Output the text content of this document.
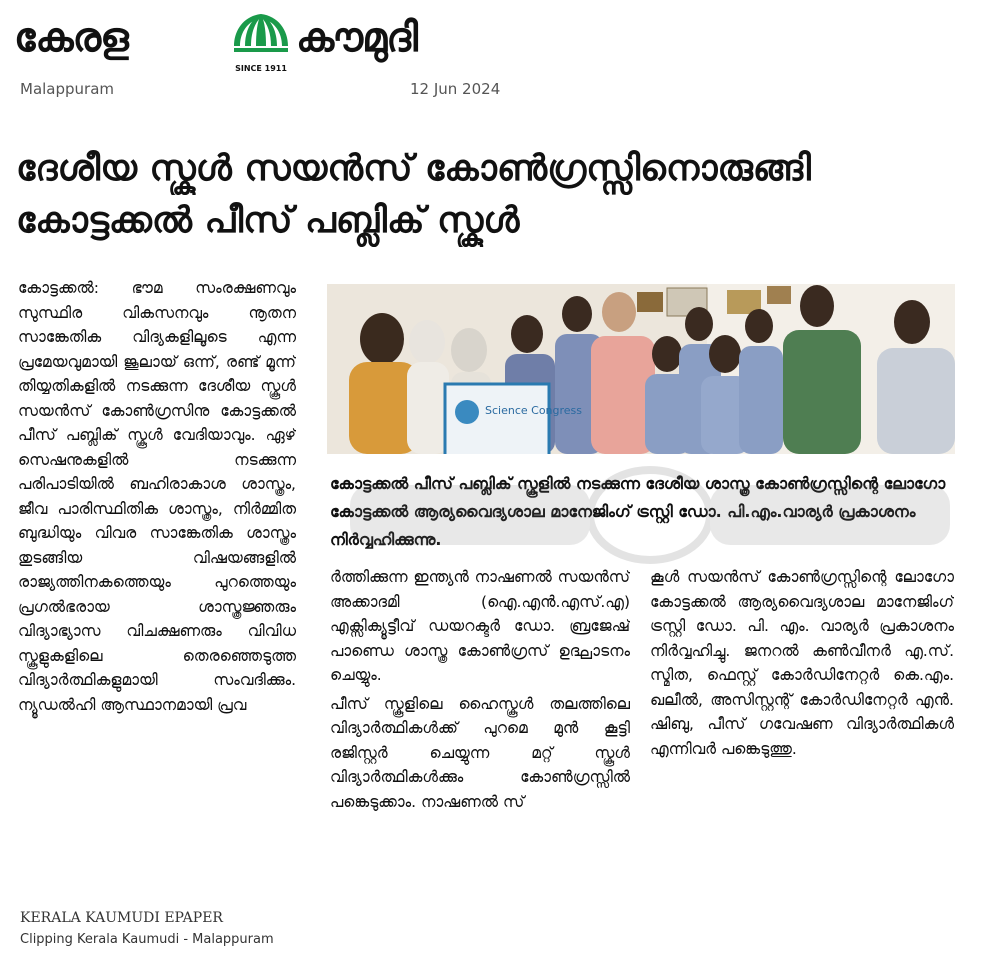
കേരള
SINCE 1911
കൗമുദി
Malappuram	12 Jun 2024
ദേശീയ സ്കൂൾ സയൻസ് കോൺഗ്രസ്സിനൊരുങ്ങി
കോട്ടക്കൽ പീസ് പബ്ലിക് സ്കൂൾ

കോട്ടക്കൽ: ഭൗമ സംരക്ഷണവും സുസ്ഥിര വികസനവും നൂതന സാങ്കേതിക വിദ്യകളിലൂടെ എന്ന പ്രമേയവുമായി ജൂലായ് ഒന്ന്, രണ്ട് മൂന്ന് തിയ്യതികളിൽ നടക്കുന്ന ദേശീയ സ്കൂൾ സയൻസ് കോൺഗ്രസിനു കോട്ടക്കൽ പീസ് പബ്ലിക് സ്കൂൾ വേദിയാവും. ഏഴ് സെഷനുകളിൽ നടക്കുന്ന പരിപാടിയിൽ ബഹിരാകാശ ശാസ്ത്രം, ജീവ പാരിസ്ഥിതിക ശാസ്ത്രം, നിർമ്മിത ബുദ്ധിയും വിവര സാങ്കേതിക ശാസ്ത്രം തുടങ്ങിയ വിഷയങ്ങളിൽ രാജ്യത്തിനകത്തെയും പുറത്തെയും പ്രഗൽഭരായ ശാസ്ത്രജ്ഞരും വിദ്യാഭ്യാസ വിചക്ഷണരും വിവിധ സ്കൂളുകളിലെ തെരഞ്ഞെടുത്ത വിദ്യാർത്ഥികളുമായി സംവദിക്കും. ന്യൂഡൽഹി ആസ്ഥാനമായി പ്രവ

Science Congress
കോട്ടക്കൽ പീസ് പബ്ലിക് സ്കൂളിൽ നടക്കുന്ന ദേശീയ ശാസ്ത്ര കോൺഗ്രസ്സിന്റെ ലോഗോ കോട്ടക്കൽ ആര്യവൈദ്യശാല മാനേജിംഗ് ട്രസ്റ്റി ഡോ. പി.എം.വാര്യർ പ്രകാശനം നിർവ്വഹിക്കുന്നു.

ർത്തിക്കുന്ന ഇന്ത്യൻ നാഷണൽ സയൻസ് അക്കാദമി (ഐ.എൻ.എസ്.എ) എക്സിക്യൂട്ടീവ് ഡയറക്ടർ ഡോ. ബ്രജേഷ് പാണ്ഡെ ശാസ്ത്ര കോൺഗ്രസ് ഉദ്ഘാടനം ചെയ്യും.

പീസ് സ്കൂളിലെ ഹൈസ്കൂൾ തലത്തിലെ വിദ്യാർത്ഥികൾക്ക് പുറമെ മുൻ കൂട്ടി രജിസ്റ്റർ ചെയ്യുന്ന മറ്റ് സ്കൂൾ വിദ്യാർത്ഥികൾക്കും കോൺഗ്രസ്സിൽ പങ്കെടുക്കാം. നാഷണൽ സ്

കൂൾ സയൻസ് കോൺഗ്രസ്സിന്റെ ലോഗോ കോട്ടക്കൽ ആര്യവൈദ്യശാല മാനേജിംഗ് ട്രസ്റ്റി ഡോ. പി. എം. വാര്യർ പ്രകാശനം നിർവ്വഹിച്ചു. ജനറൽ കൺവീനർ എ.സ്. സ്മിത, ഫെസ്റ്റ് കോർഡിനേറ്റർ കെ.എം. ഖലീൽ, അസിസ്റ്റന്റ് കോർഡിനേറ്റർ എൻ. ഷിബു, പീസ് ഗവേഷണ വിദ്യാർത്ഥികൾ എന്നിവർ പങ്കെടുത്തു.

KERALA KAUMUDI EPAPER
Clipping Kerala Kaumudi - Malappuram
